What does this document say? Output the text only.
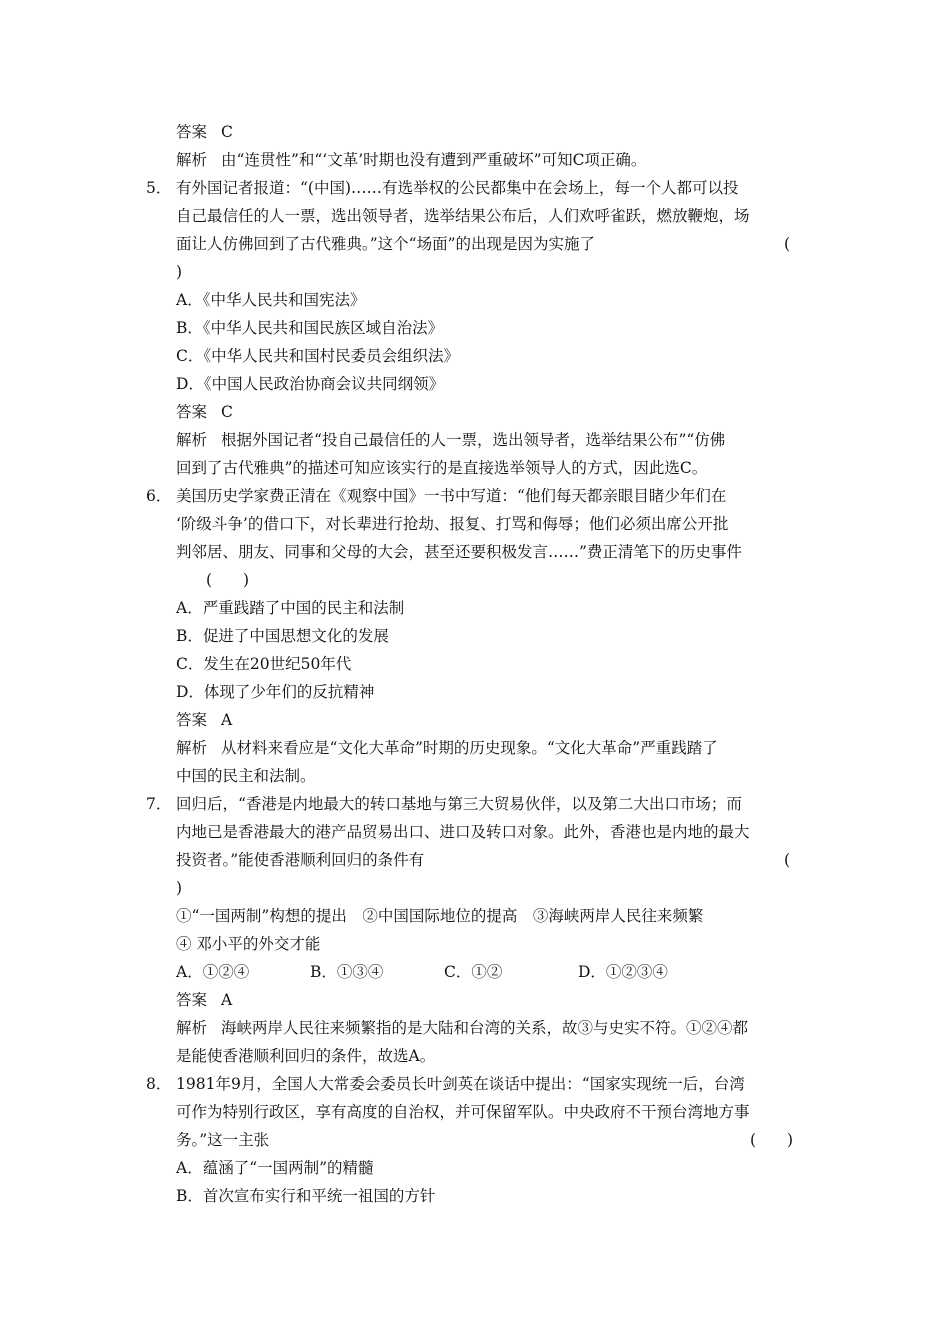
答案 C
解析 由“连贯性”和“‘文革’时期也没有遭到严重破坏”可知C项正确。
5． 有外国记者报道：“(中国)……有选举权的公民都集中在会场上，每一个人都可以投
自己最信任的人一票，选出领导者，选举结果公布后，人们欢呼雀跃，燃放鞭炮，场
面让人仿佛回到了古代雅典。”这个“场面”的出现是因为实施了	(
)
A．《中华人民共和国宪法》
B．《中华人民共和国民族区域自治法》
C．《中华人民共和国村民委员会组织法》
D．《中国人民政治协商会议共同纲领》
答案 C
解析 根据外国记者“投自己最信任的人一票，选出领导者，选举结果公布”“仿佛
回到了古代雅典”的描述可知应该实行的是直接选举领导人的方式，因此选C。
6． 美国历史学家费正清在《观察中国》一书中写道：“他们每天都亲眼目睹少年们在
‘阶级斗争’的借口下，对长辈进行抢劫、报复、打骂和侮辱；他们必须出席公开批
判邻居、朋友、同事和父母的大会，甚至还要积极发言……”费正清笔下的历史事件
(　　)
A．严重践踏了中国的民主和法制
B．促进了中国思想文化的发展
C．发生在20世纪50年代
D．体现了少年们的反抗精神
答案 A
解析 从材料来看应是“文化大革命”时期的历史现象。“文化大革命”严重践踏了
中国的民主和法制。
7． 回归后，“香港是内地最大的转口基地与第三大贸易伙伴，以及第二大出口市场；而
内地已是香港最大的港产品贸易出口、进口及转口对象。此外，香港也是内地的最大
投资者。”能使香港顺利回归的条件有	(
)
①“一国两制”构想的提出　②中国国际地位的提高　③海峡两岸人民往来频繁
④ 邓小平的外交才能
A．①②④	B．①③④	C．①②	D．①②③④
答案 A
解析 海峡两岸人民往来频繁指的是大陆和台湾的关系，故③与史实不符。①②④都
是能使香港顺利回归的条件，故选A。
8． 1981年9月，全国人大常委会委员长叶剑英在谈话中提出：“国家实现统一后，台湾
可作为特别行政区，享有高度的自治权，并可保留军队。中央政府不干预台湾地方事
务。”这一主张	(　　)
A．蕴涵了“一国两制”的精髓
B．首次宣布实行和平统一祖国的方针
